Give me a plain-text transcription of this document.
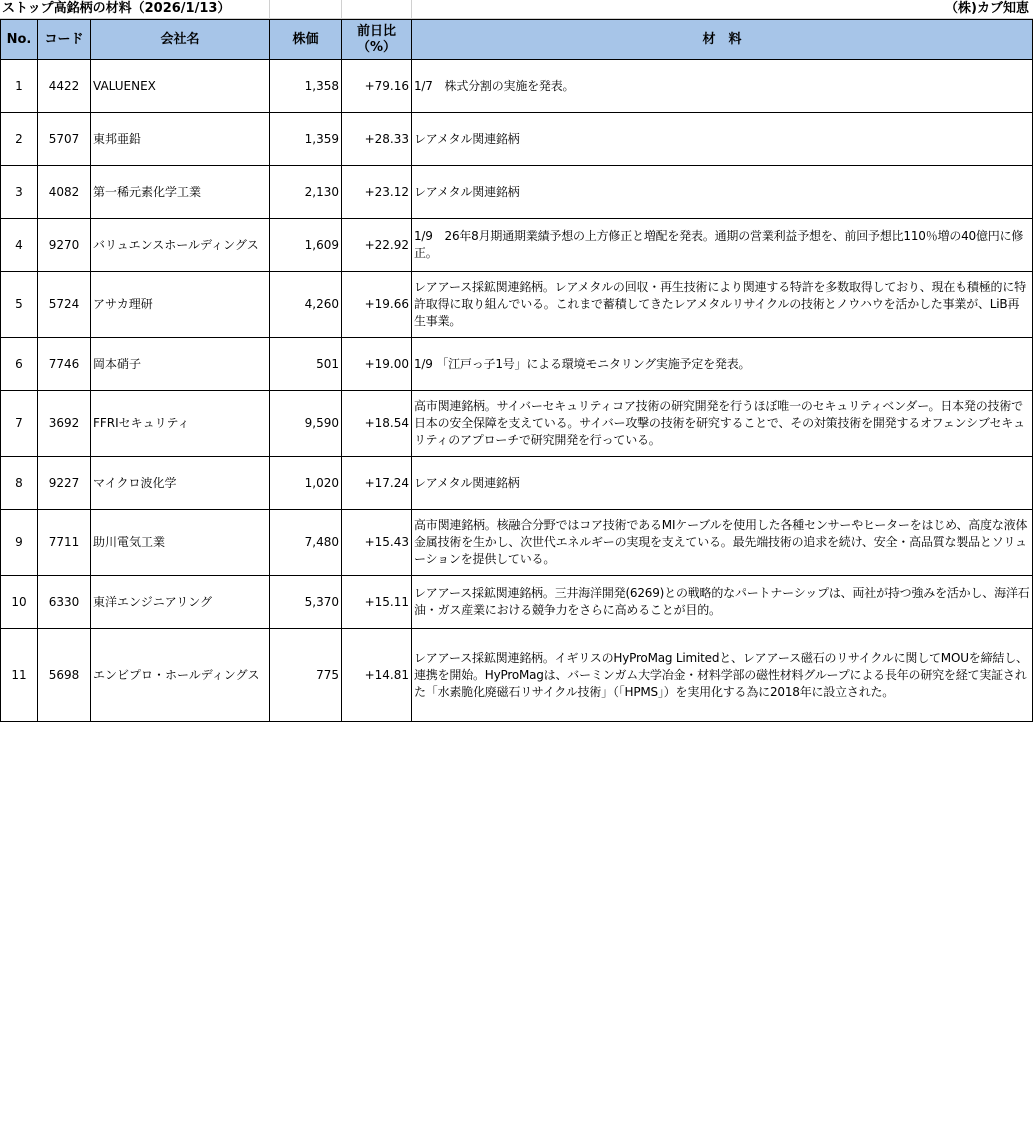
ストップ高銘柄の材料（2026/1/13）	（株)カブ知恵
No.	コード	会社名	株価	前日比（%）	材　料
1	4422	VALUENEX	1,358	+79.16	1/7　株式分割の実施を発表。
2	5707	東邦亜鉛	1,359	+28.33	レアメタル関連銘柄
3	4082	第一稀元素化学工業	2,130	+23.12	レアメタル関連銘柄
4	9270	バリュエンスホールディングス	1,609	+22.92	1/9　26年8月期通期業績予想の上方修正と増配を発表。通期の営業利益予想を、前回予想比110％増の40億円に修正。
5	5724	アサカ理研	4,260	+19.66	レアアース採鉱関連銘柄。レアメタルの回収・再生技術により関連する特許を多数取得しており、現在も積極的に特許取得に取り組んでいる。これまで蓄積してきたレアメタルリサイクルの技術とノウハウを活かした事業が、LiB再生事業。
6	7746	岡本硝子	501	+19.00	1/9 「江戸っ子1号」による環境モニタリング実施予定を発表。
7	3692	FFRIセキュリティ	9,590	+18.54	高市関連銘柄。サイバーセキュリティコア技術の研究開発を行うほぼ唯一のセキュリティベンダー。日本発の技術で日本の安全保障を支えている。サイバー攻撃の技術を研究することで、その対策技術を開発するオフェンシブセキュリティのアプローチで研究開発を行っている。
8	9227	マイクロ波化学	1,020	+17.24	レアメタル関連銘柄
9	7711	助川電気工業	7,480	+15.43	高市関連銘柄。核融合分野ではコア技術であるMIケーブルを使用した各種センサーやヒーターをはじめ、高度な液体金属技術を生かし、次世代エネルギーの実現を支えている。最先端技術の追求を続け、安全・高品質な製品とソリューションを提供している。
10	6330	東洋エンジニアリング	5,370	+15.11	レアアース採鉱関連銘柄。三井海洋開発(6269)との戦略的なパートナーシップは、両社が持つ強みを活かし、海洋石油・ガス産業における競争力をさらに高めることが目的。
11	5698	エンビプロ・ホールディングス	775	+14.81	レアアース採鉱関連銘柄。イギリスのHyProMag Limitedと、レアアース磁石のリサイクルに関してMOUを締結し、連携を開始。HyProMagは、バーミンガム大学冶金・材料学部の磁性材料グループによる長年の研究を経て実証された「水素脆化廃磁石リサイクル技術」（「HPMS」）を実用化する為に2018年に設立された。
